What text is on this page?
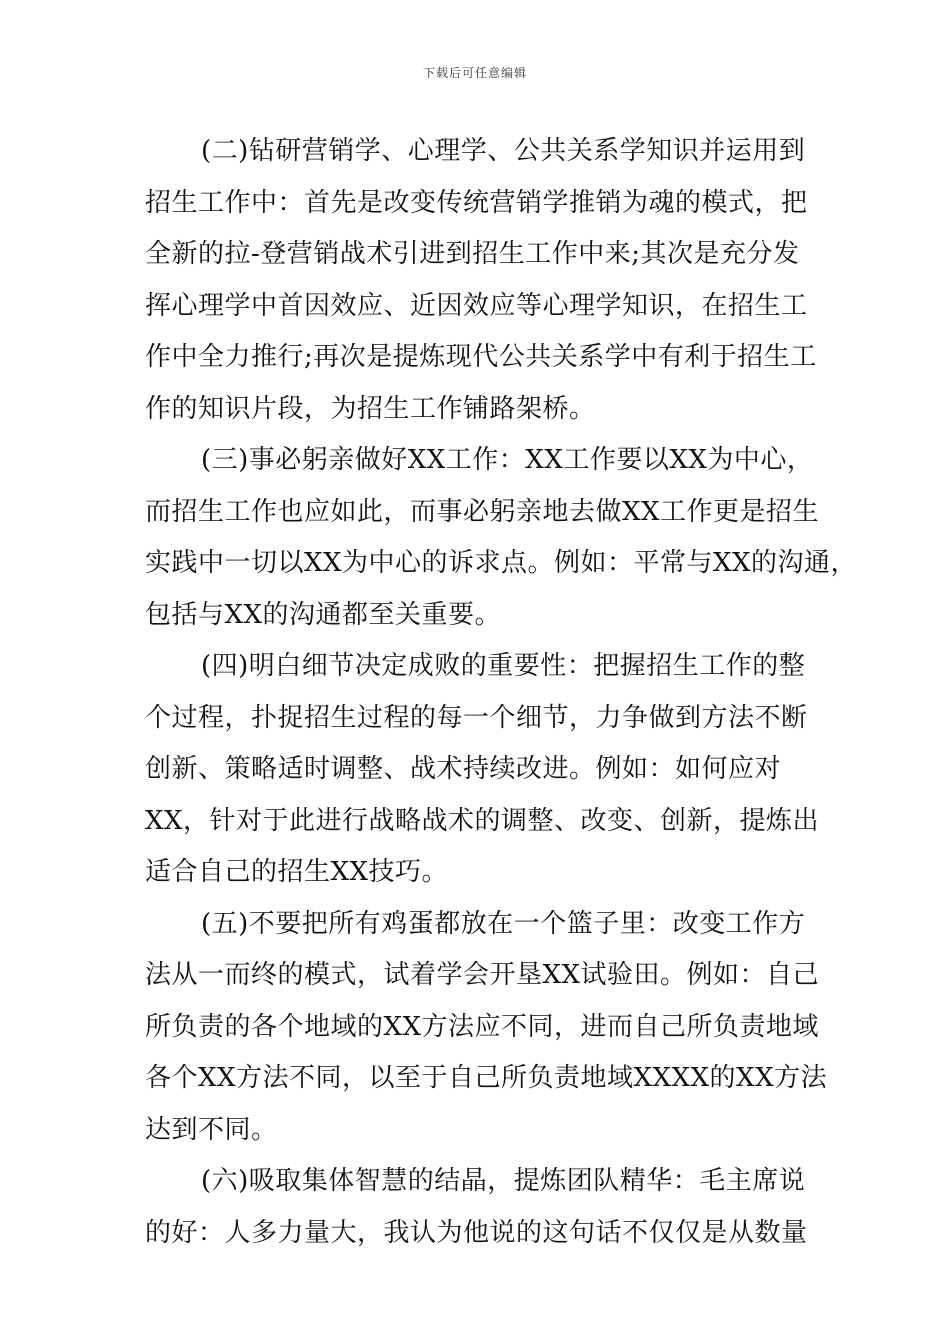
下载后可任意编辑
(二)钻研营销学、心理学、公共关系学知识并运用到
招生工作中：首先是改变传统营销学推销为魂的模式，把
全新的拉-登营销战术引进到招生工作中来;其次是充分发
挥心理学中首因效应、近因效应等心理学知识，在招生工
作中全力推行;再次是提炼现代公共关系学中有利于招生工
作的知识片段，为招生工作铺路架桥。
(三)事必躬亲做好XX工作：XX工作要以XX为中心，
而招生工作也应如此，而事必躬亲地去做XX工作更是招生
实践中一切以XX为中心的诉求点。例如：平常与XX的沟通，
包括与XX的沟通都至关重要。
(四)明白细节决定成败的重要性：把握招生工作的整
个过程，扑捉招生过程的每一个细节，力争做到方法不断
创新、策略适时调整、战术持续改进。例如：如何应对
XX，针对于此进行战略战术的调整、改变、创新，提炼出
适合自己的招生XX技巧。
(五)不要把所有鸡蛋都放在一个篮子里：改变工作方
法从一而终的模式，试着学会开垦XX试验田。例如：自己
所负责的各个地域的XX方法应不同，进而自己所负责地域
各个XX方法不同，以至于自己所负责地域XXXX的XX方法
达到不同。
(六)吸取集体智慧的结晶，提炼团队精华：毛主席说
的好：人多力量大，我认为他说的这句话不仅仅是从数量
